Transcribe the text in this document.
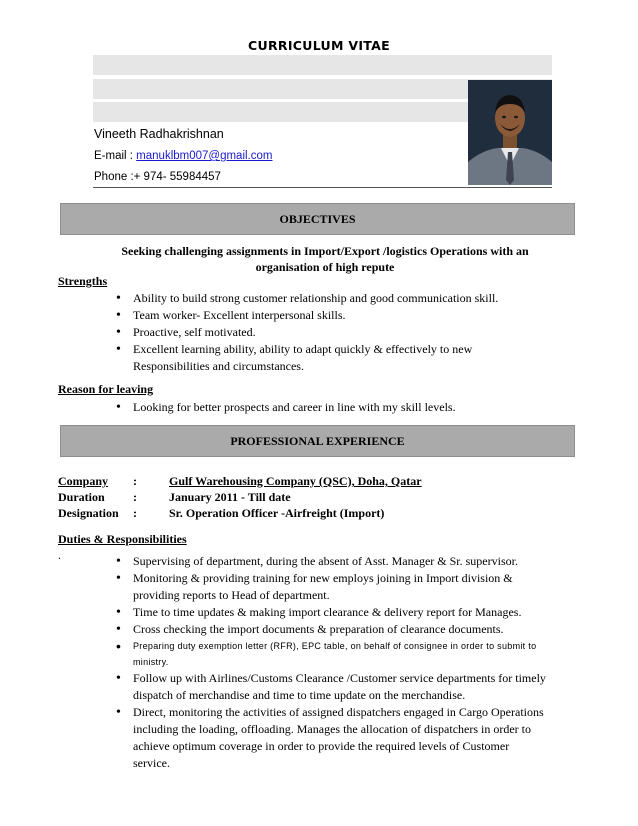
CURRICULUM VITAE
Vineeth Radhakrishnan
E-mail : manuklbm007@gmail.com
Phone :+ 974- 55984457
OBJECTIVES
Seeking challenging assignments in Import/Export /logistics Operations with an organisation of high repute
Strengths
• Ability to build strong customer relationship and good communication skill.
• Team worker- Excellent interpersonal skills.
• Proactive, self motivated.
• Excellent learning ability, ability to adapt quickly & effectively to new Responsibilities and circumstances.
Reason for leaving
• Looking for better prospects and career in line with my skill levels.
PROFESSIONAL EXPERIENCE
Company :	Gulf Warehousing Company (QSC), Doha, Qatar
Duration :	January 2011 - Till date
Designation :	Sr. Operation Officer -Airfreight (Import)
Duties & Responsibilities
.
•	Supervising of department, during the absent of Asst. Manager & Sr. supervisor.
• Monitoring & providing training for new employs joining in Import division & providing reports to Head of department.
• Time to time updates & making import clearance & delivery report for Manages.
• Cross checking the import documents & preparation of clearance documents.
• Preparing duty exemption letter (RFR), EPC table, on behalf of consignee in order to submit to ministry.
• Follow up with Airlines/Customs Clearance /Customer service departments for timely dispatch of merchandise and time to time update on the merchandise.
• Direct, monitoring the activities of assigned dispatchers engaged in Cargo Operations including the loading, offloading. Manages the allocation of dispatchers in order to achieve optimum coverage in order to provide the required levels of Customer service.
